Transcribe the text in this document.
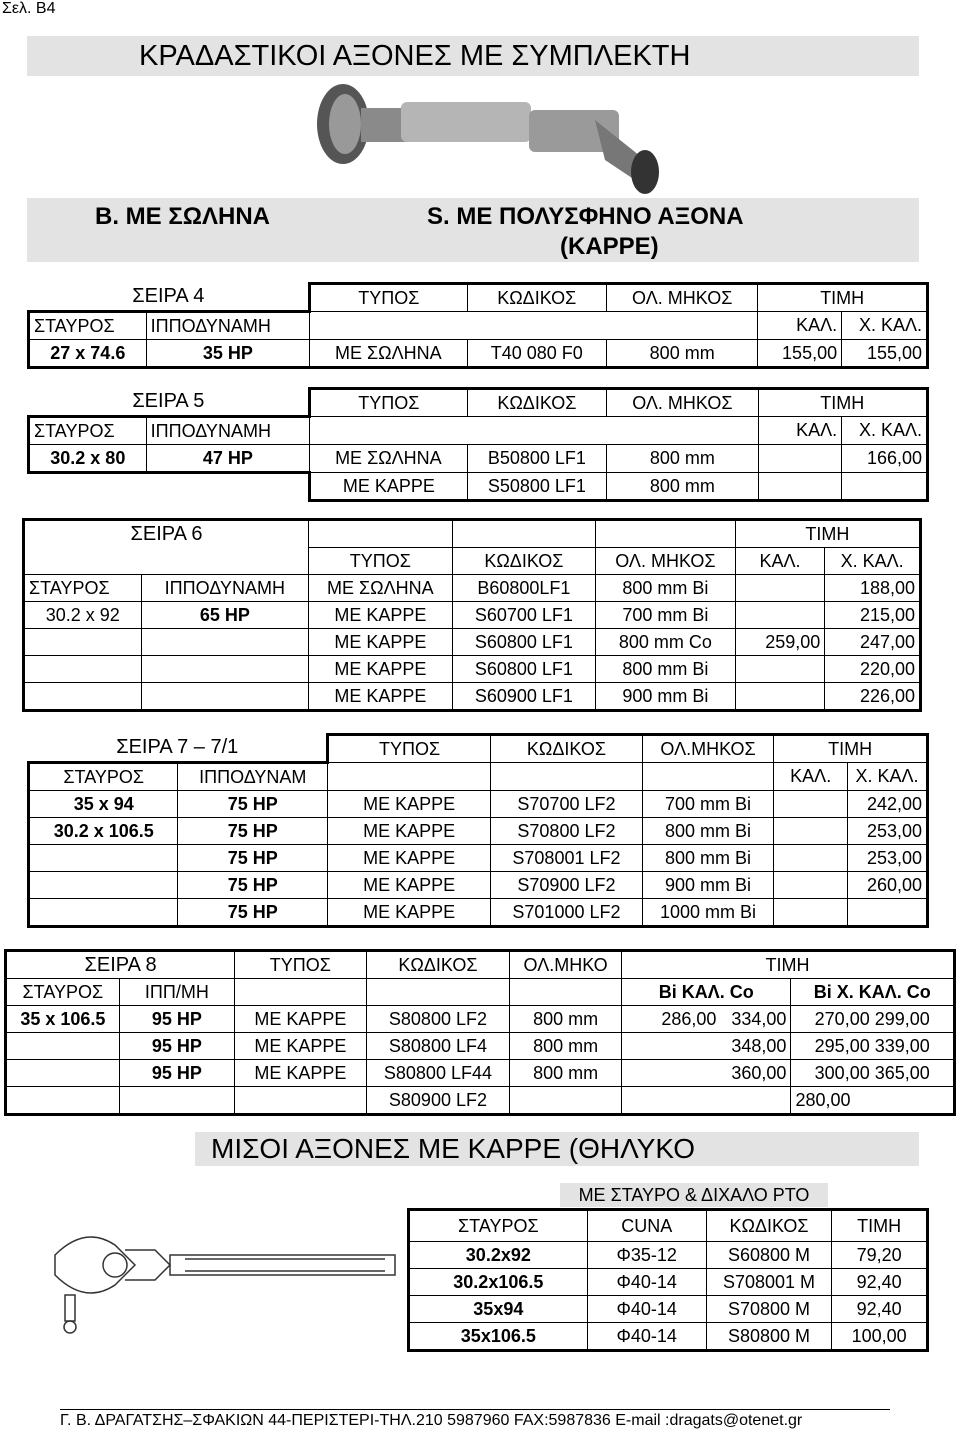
Σελ. B4
ΚΡΑΔΑΣΤΙΚΟΙ ΑΞΟΝΕΣ ΜΕ ΣΥΜΠΛΕΚΤΗ
B. ΜΕ ΣΩΛΗΝΑ	S. ΜΕ ΠΟΛΥΣΦΗΝΟ ΑΞΟΝΑ
(ΚΑΡΡΕ)
ΣΕΙΡΑ 4		ΤΥΠΟΣ	ΚΩΔΙΚΟΣ	ΟΛ. ΜΗΚΟΣ	ΤΙΜΗ	
ΣΤΑΥΡΟΣ	ΙΠΠΟΔΥΝΑΜΗ				ΚΑΛ.	Χ. ΚΑΛ.
27 x 74.6	35 HP	ΜΕ ΣΩΛΗΝΑ	T40 080 F0	800 mm	155,00	155,00
ΣΕΙΡΑ 5		ΤΥΠΟΣ	ΚΩΔΙΚΟΣ	ΟΛ. ΜΗΚΟΣ	ΤΙΜΗ	
ΣΤΑΥΡΟΣ	ΙΠΠΟΔΥΝΑΜΗ				ΚΑΛ.	Χ. ΚΑΛ.
30.2 x 80	47 HP	ΜΕ ΣΩΛΗΝΑ	B50800 LF1	800 mm		166,00
		ΜΕ ΚΑΡΡΕ	S50800 LF1	800 mm		
ΣΕΙΡΑ 6					ΤΙΜΗ	
		ΤΥΠΟΣ	ΚΩΔΙΚΟΣ	ΟΛ. ΜΗΚΟΣ	ΚΑΛ.	Χ. ΚΑΛ.
ΣΤΑΥΡΟΣ	ΙΠΠΟΔΥΝΑΜΗ	ΜΕ ΣΩΛΗΝΑ	B60800LF1	800 mm Bi		188,00
30.2 x 92	65 HP	ΜΕ ΚΑΡΡΕ	S60700 LF1	700 mm Bi		215,00
		ΜΕ ΚΑΡΡΕ	S60800 LF1	800 mm Co	259,00	247,00
		ΜΕ ΚΑΡΡΕ	S60800 LF1	800 mm Bi		220,00
		ΜΕ ΚΑΡΡΕ	S60900 LF1	900 mm Bi		226,00
ΣΕΙΡΑ 7 – 7/1		ΤΥΠΟΣ	ΚΩΔΙΚΟΣ	ΟΛ.ΜΗΚΟΣ	ΤΙΜΗ	
ΣΤΑΥΡΟΣ	ΙΠΠΟΔΥΝΑΜ				ΚΑΛ.	Χ. ΚΑΛ.
35 x 94	75 HP	ΜΕ ΚΑΡΡΕ	S70700 LF2	700 mm Bi		242,00
30.2 x 106.5	75 HP	ΜΕ ΚΑΡΡΕ	S70800 LF2	800 mm Bi		253,00
	75 HP	ΜΕ ΚΑΡΡΕ	S708001 LF2	800 mm Bi		253,00
	75 HP	ΜΕ ΚΑΡΡΕ	S70900 LF2	900 mm Bi		260,00
	75 HP	ΜΕ ΚΑΡΡΕ	S701000 LF2	1000 mm Bi		
ΣΕΙΡΑ 8		ΤΥΠΟΣ	ΚΩΔΙΚΟΣ	ΟΛ.ΜΗΚΟ	ΤΙΜΗ	
ΣΤΑΥΡΟΣ	ΙΠΠ/ΜΗ				Bi ΚΑΛ. Co	Bi Χ. ΚΑΛ. Co
35 x 106.5	95 HP	ΜΕ ΚΑΡΡΕ	S80800 LF2	800 mm	286,00 334,00	270,00 299,00
	95 HP	ΜΕ ΚΑΡΡΕ	S80800 LF4	800 mm	348,00	295,00 339,00
	95 HP	ΜΕ ΚΑΡΡΕ	S80800 LF44	800 mm	360,00	300,00 365,00
			S80900 LF2			280,00
ΜΙΣΟΙ ΑΞΟΝΕΣ ΜΕ ΚΑΡΡΕ (ΘΗΛΥΚΟ
ΜΕ ΣΤΑΥΡΟ & ΔΙΧΑΛΟ PTO
ΣΤΑΥΡΟΣ	CUNA	ΚΩΔΙΚΟΣ	ΤΙΜΗ
30.2x92	Φ35-12	S60800 M	79,20
30.2x106.5	Φ40-14	S708001 M	92,40
35x94	Φ40-14	S70800 M	92,40
35x106.5	Φ40-14	S80800 M	100,00
Γ. Β. ΔΡΑΓΑΤΣΗΣ–ΣΦΑΚΙΩΝ 44-ΠΕΡΙΣΤΕΡΙ-ΤΗΛ.210 5987960 FAX:5987836 E-mail :dragats@otenet.gr
